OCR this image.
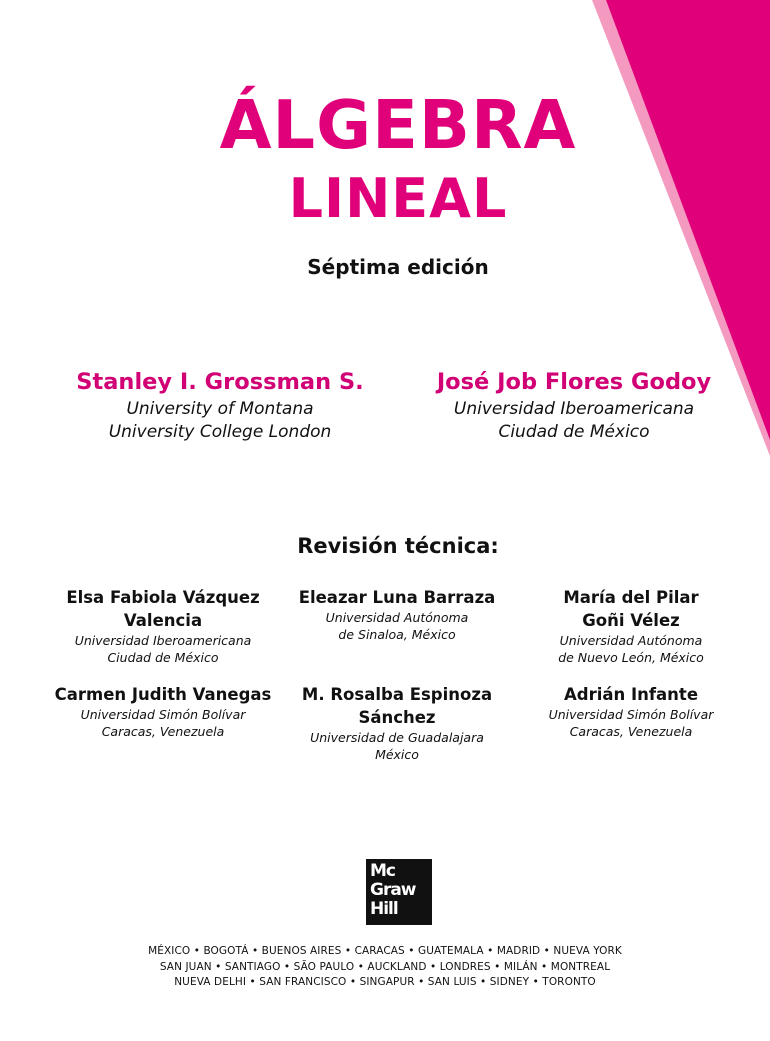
ÁLGEBRA
LINEAL
Séptima edición
Stanley I. Grossman S.
University of Montana
University College London
José Job Flores Godoy
Universidad Iberoamericana
Ciudad de México
Revisión técnica:
Elsa Fabiola Vázquez
Valencia
Universidad Iberoamericana
Ciudad de México
Eleazar Luna Barraza
Universidad Autónoma
de Sinaloa, México
María del Pilar
Goñi Vélez
Universidad Autónoma
de Nuevo León, México
Carmen Judith Vanegas
Universidad Simón Bolívar
Caracas, Venezuela
M. Rosalba Espinoza
Sánchez
Universidad de Guadalajara
México
Adrián Infante
Universidad Simón Bolívar
Caracas, Venezuela
Mc
Graw
Hill
MÉXICO • BOGOTÁ • BUENOS AIRES • CARACAS • GUATEMALA • MADRID • NUEVA YORK
SAN JUAN • SANTIAGO • SÃO PAULO • AUCKLAND • LONDRES • MILÁN • MONTREAL
NUEVA DELHI • SAN FRANCISCO • SINGAPUR • SAN LUIS • SIDNEY • TORONTO
